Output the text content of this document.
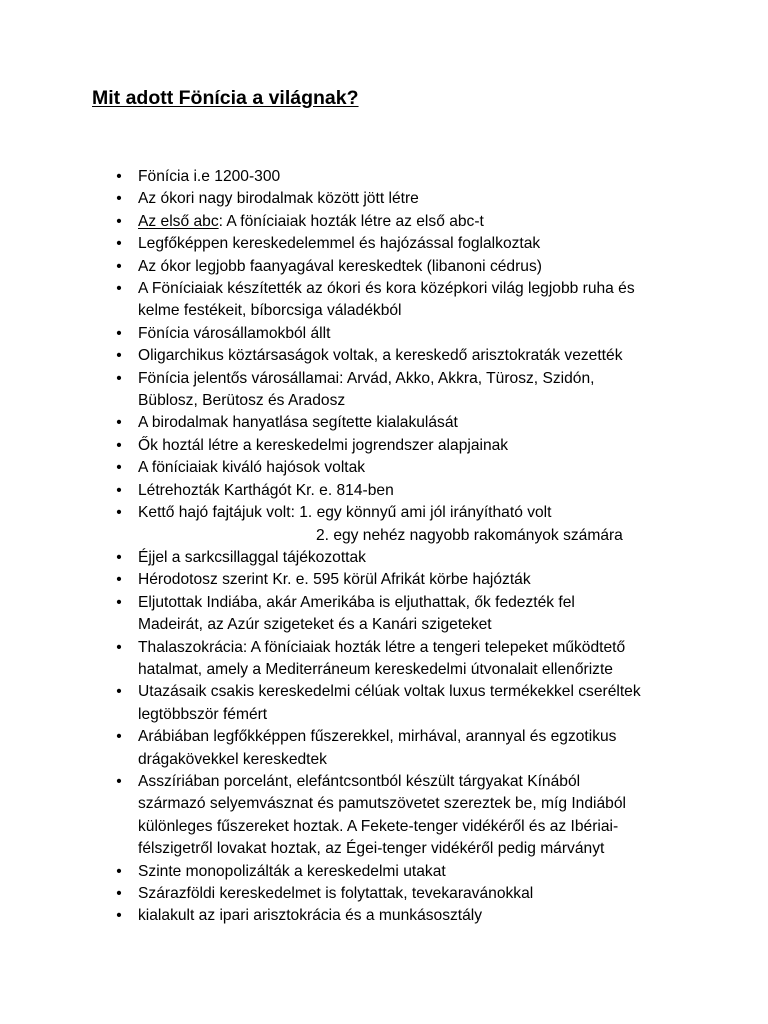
Mit adott Fönícia a világnak?
• Fönícia i.e 1200-300
• Az ókori nagy birodalmak között jött létre
• Az első abc: A föníciaiak hozták létre az első abc-t
• Legfőképpen kereskedelemmel és hajózással foglalkoztak
• Az ókor legjobb faanyagával kereskedtek (libanoni cédrus)
• A Föníciaiak készítették az ókori és kora középkori világ legjobb ruha és
kelme festékeit, bíborcsiga váladékból
• Fönícia városállamokból állt
• Oligarchikus köztársaságok voltak, a kereskedő arisztokraták vezették
• Fönícia jelentős városállamai: Arvád, Akko, Akkra, Türosz, Szidón,
Büblosz, Berütosz és Aradosz
• A birodalmak hanyatlása segítette kialakulását
• Ők hoztál létre a kereskedelmi jogrendszer alapjainak
• A föníciaiak kiváló hajósok voltak
• Létrehozták Karthágót Kr. e. 814-ben
• Kettő hajó fajtájuk volt: 1. egy könnyű ami jól irányítható volt
2. egy nehéz nagyobb rakományok számára
• Éjjel a sarkcsillaggal tájékozottak
• Hérodotosz szerint Kr. e. 595 körül Afrikát körbe hajózták
• Eljutottak Indiába, akár Amerikába is eljuthattak, ők fedezték fel
Madeirát, az Azúr szigeteket és a Kanári szigeteket
• Thalaszokrácia: A föníciaiak hozták létre a tengeri telepeket működtető
hatalmat, amely a Mediterráneum kereskedelmi útvonalait ellenőrizte
• Utazásaik csakis kereskedelmi célúak voltak luxus termékekkel cseréltek
legtöbbször fémért
• Arábiában legfőkképpen fűszerekkel, mirhával, arannyal és egzotikus
drágakövekkel kereskedtek
• Asszíriában porcelánt, elefántcsontból készült tárgyakat Kínából
származó selyemvásznat és pamutszövetet szereztek be, míg Indiából
különleges fűszereket hoztak. A Fekete-tenger vidékéről és az Ibériai-
félszigetről lovakat hoztak, az Égei-tenger vidékéről pedig márványt
• Szinte monopolizálták a kereskedelmi utakat
• Szárazföldi kereskedelmet is folytattak, tevekaravánokkal
• kialakult az ipari arisztokrácia és a munkásosztály
